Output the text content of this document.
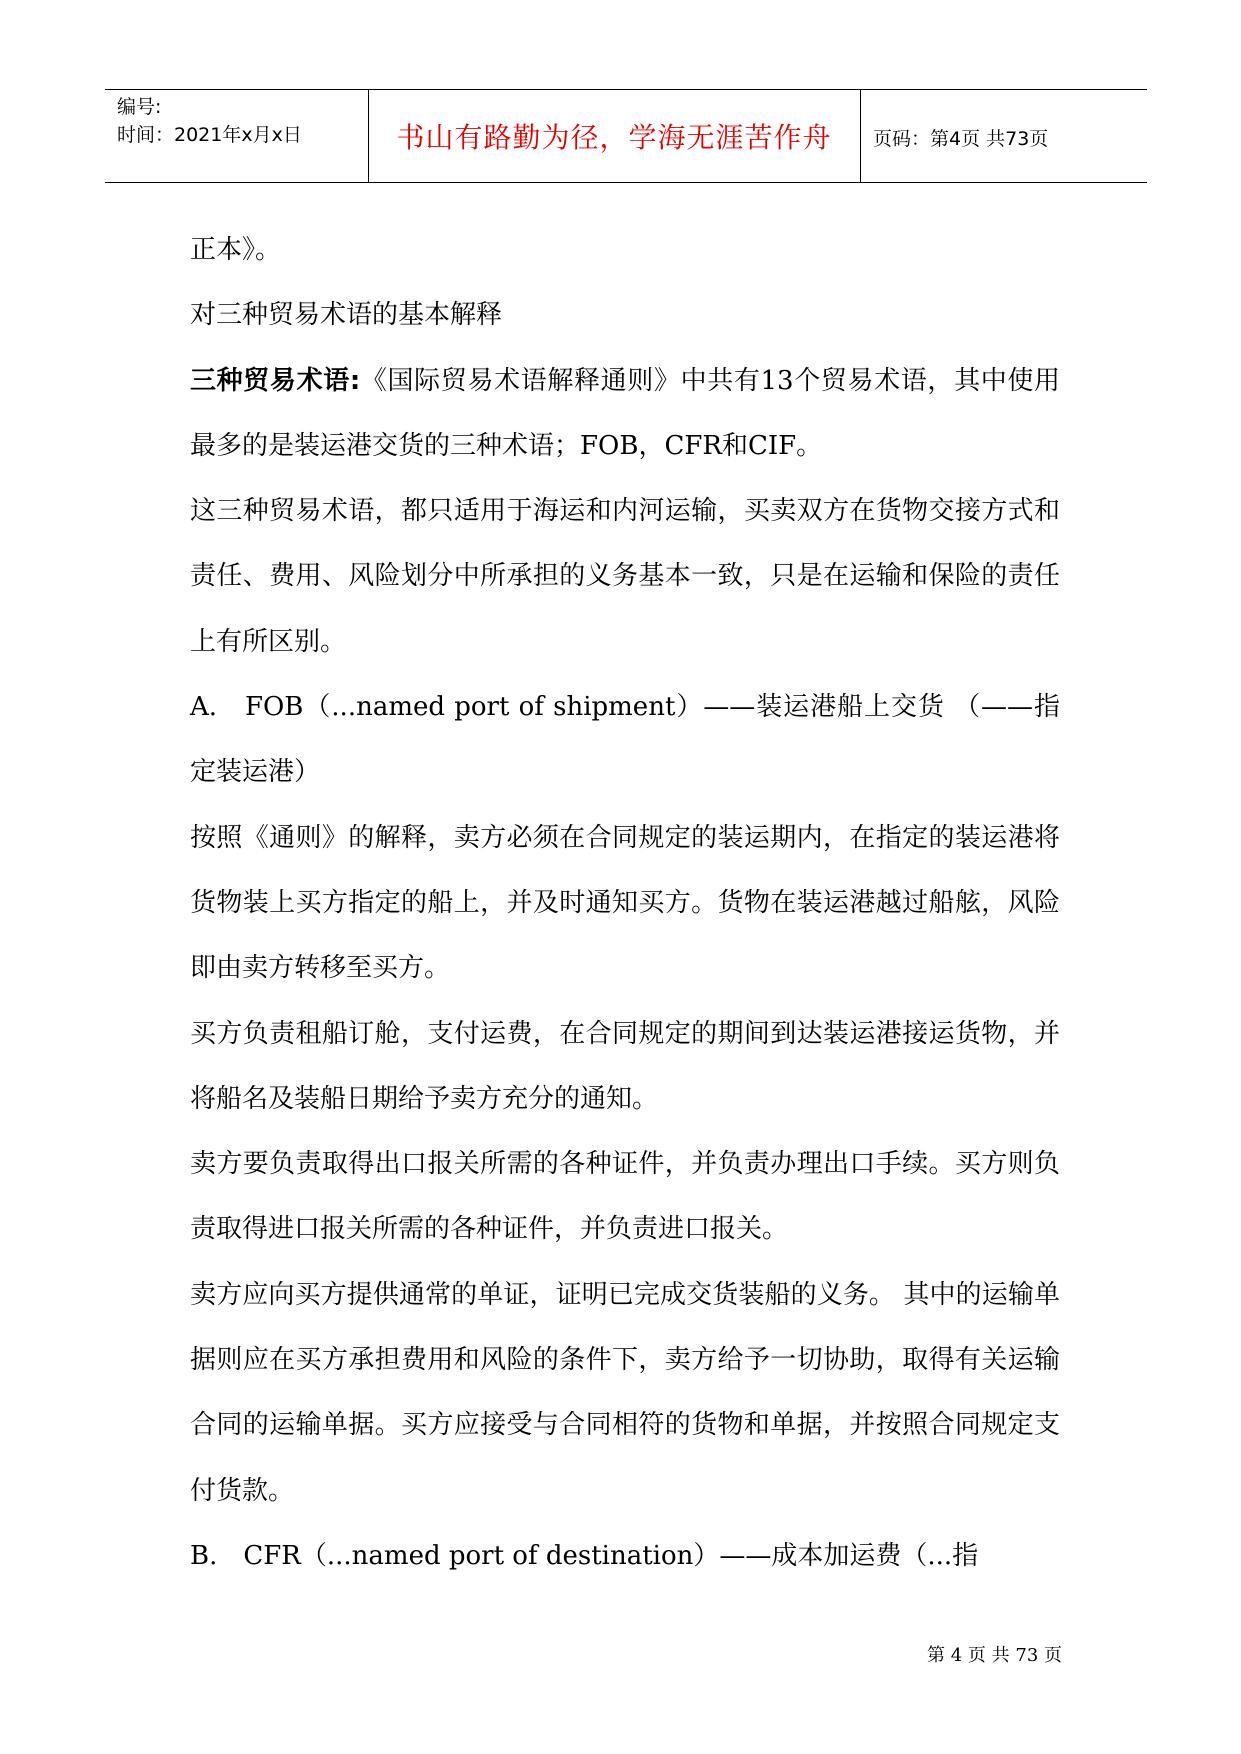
编号:
时间：2021年x月x日	书山有路勤为径，学海无涯苦作舟	页码：第4页 共73页

正本》。

对三种贸易术语的基本解释

三种贸易术语:《国际贸易术语解释通则》中共有13个贸易术语，其中使用最多的是装运港交货的三种术语；FOB，CFR和CIF。

这三种贸易术语，都只适用于海运和内河运输，买卖双方在货物交接方式和责任、费用、风险划分中所承担的义务基本一致，只是在运输和保险的责任上有所区别。

A.　FOB（...named port of shipment）——装运港船上交货 （——指定装运港）

按照《通则》的解释，卖方必须在合同规定的装运期内，在指定的装运港将货物装上买方指定的船上，并及时通知买方。货物在装运港越过船舷，风险即由卖方转移至买方。

买方负责租船订舱，支付运费，在合同规定的期间到达装运港接运货物，并将船名及装船日期给予卖方充分的通知。

卖方要负责取得出口报关所需的各种证件，并负责办理出口手续。买方则负责取得进口报关所需的各种证件，并负责进口报关。

卖方应向买方提供通常的单证，证明已完成交货装船的义务。 其中的运输单据则应在买方承担费用和风险的条件下，卖方给予一切协助，取得有关运输合同的运输单据。买方应接受与合同相符的货物和单据，并按照合同规定支付货款。

B.　CFR（...named port of destination）——成本加运费（...指

第 4 页 共 73 页
